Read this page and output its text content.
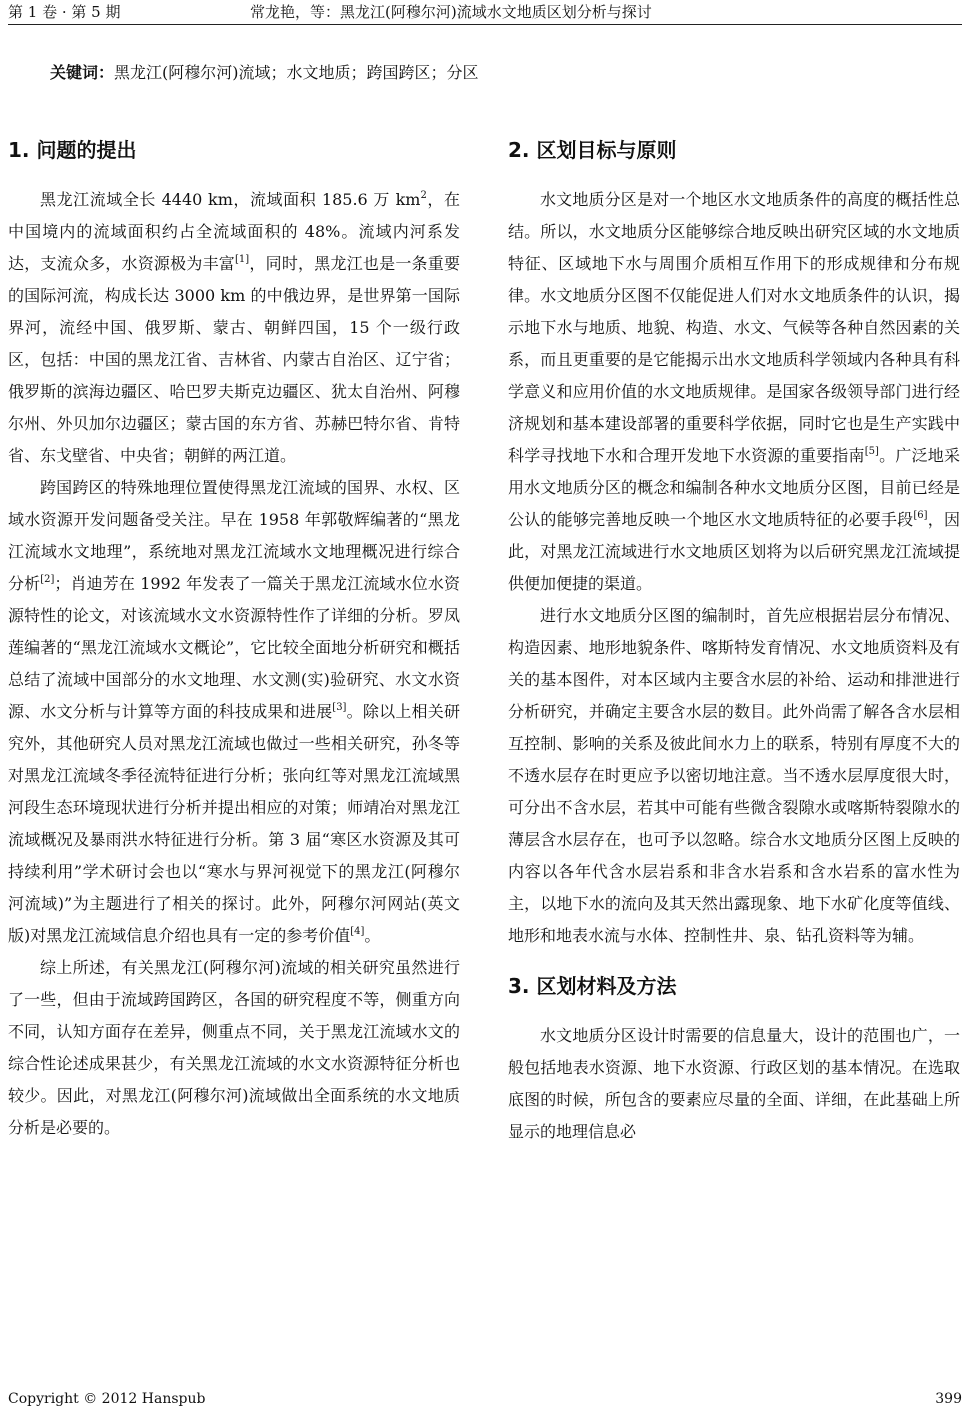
第 1 卷 · 第 5 期	常龙艳，等：黑龙江(阿穆尔河)流域水文地质区划分析与探讨
关键词：黑龙江(阿穆尔河)流域；水文地质；跨国跨区；分区
1. 问题的提出

黑龙江流域全长 4440 km，流域面积 185.6 万 $km^2$，在中国境内的流域面积约占全流域面积的 48%。流域内河系发达，支流众多，水资源极为丰富[1]，同时，黑龙江也是一条重要的国际河流，构成长达 3000 km 的中俄边界，是世界第一国际界河，流经中国、俄罗斯、蒙古、朝鲜四国，15 个一级行政区，包括：中国的黑龙江省、吉林省、内蒙古自治区、辽宁省；俄罗斯的滨海边疆区、哈巴罗夫斯克边疆区、犹太自治州、阿穆尔州、外贝加尔边疆区；蒙古国的东方省、苏赫巴特尔省、肯特省、东戈壁省、中央省；朝鲜的两江道。

跨国跨区的特殊地理位置使得黑龙江流域的国界、水权、区域水资源开发问题备受关注。早在 1958 年郭敬辉编著的“黑龙江流域水文地理”，系统地对黑龙江流域水文地理概况进行综合分析[2]；肖迪芳在 1992 年发表了一篇关于黑龙江流域水位水资源特性的论文，对该流域水文水资源特性作了详细的分析。罗凤莲编著的“黑龙江流域水文概论”，它比较全面地分析研究和概括总结了流域中国部分的水文地理、水文测(实)验研究、水文水资源、水文分析与计算等方面的科技成果和进展[3]。除以上相关研究外，其他研究人员对黑龙江流域也做过一些相关研究，孙冬等对黑龙江流域冬季径流特征进行分析；张向红等对黑龙江流域黑河段生态环境现状进行分析并提出相应的对策；师靖冶对黑龙江流域概况及暴雨洪水特征进行分析。第 3 届“寒区水资源及其可持续利用”学术研讨会也以“寒水与界河视觉下的黑龙江(阿穆尔河流域)”为主题进行了相关的探讨。此外，阿穆尔河网站(英文版)对黑龙江流域信息介绍也具有一定的参考价值[4]。

综上所述，有关黑龙江(阿穆尔河)流域的相关研究虽然进行了一些，但由于流域跨国跨区，各国的研究程度不等，侧重方向不同，认知方面存在差异，侧重点不同，关于黑龙江流域水文的综合性论述成果甚少，有关黑龙江流域的水文水资源特征分析也较少。因此，对黑龙江(阿穆尔河)流域做出全面系统的水文地质分析是必要的。

2. 区划目标与原则

水文地质分区是对一个地区水文地质条件的高度的概括性总结。所以，水文地质分区能够综合地反映出研究区域的水文地质特征、区域地下水与周围介质相互作用下的形成规律和分布规律。水文地质分区图不仅能促进人们对水文地质条件的认识，揭示地下水与地质、地貌、构造、水文、气候等各种自然因素的关系，而且更重要的是它能揭示出水文地质科学领域内各种具有科学意义和应用价值的水文地质规律。是国家各级领导部门进行经济规划和基本建设部署的重要科学依据，同时它也是生产实践中科学寻找地下水和合理开发地下水资源的重要指南[5]。广泛地采用水文地质分区的概念和编制各种水文地质分区图，目前已经是公认的能够完善地反映一个地区水文地质特征的必要手段[6]，因此，对黑龙江流域进行水文地质区划将为以后研究黑龙江流域提供便加便捷的渠道。

进行水文地质分区图的编制时，首先应根据岩层分布情况、构造因素、地形地貌条件、喀斯特发育情况、水文地质资料及有关的基本图件，对本区域内主要含水层的补给、运动和排泄进行分析研究，并确定主要含水层的数目。此外尚需了解各含水层相互控制、影响的关系及彼此间水力上的联系，特别有厚度不大的不透水层存在时更应予以密切地注意。当不透水层厚度很大时，可分出不含水层，若其中可能有些微含裂隙水或喀斯特裂隙水的薄层含水层存在，也可予以忽略。综合水文地质分区图上反映的内容以各年代含水层岩系和非含水岩系和含水岩系的富水性为主，以地下水的流向及其天然出露现象、地下水矿化度等值线、地形和地表水流与水体、控制性井、泉、钻孔资料等为辅。

3. 区划材料及方法

水文地质分区设计时需要的信息量大，设计的范围也广，一般包括地表水资源、地下水资源、行政区划的基本情况。在选取底图的时候，所包含的要素应尽量的全面、详细，在此基础上所显示的地理信息必

Copyright © 2012 Hanspub	399
